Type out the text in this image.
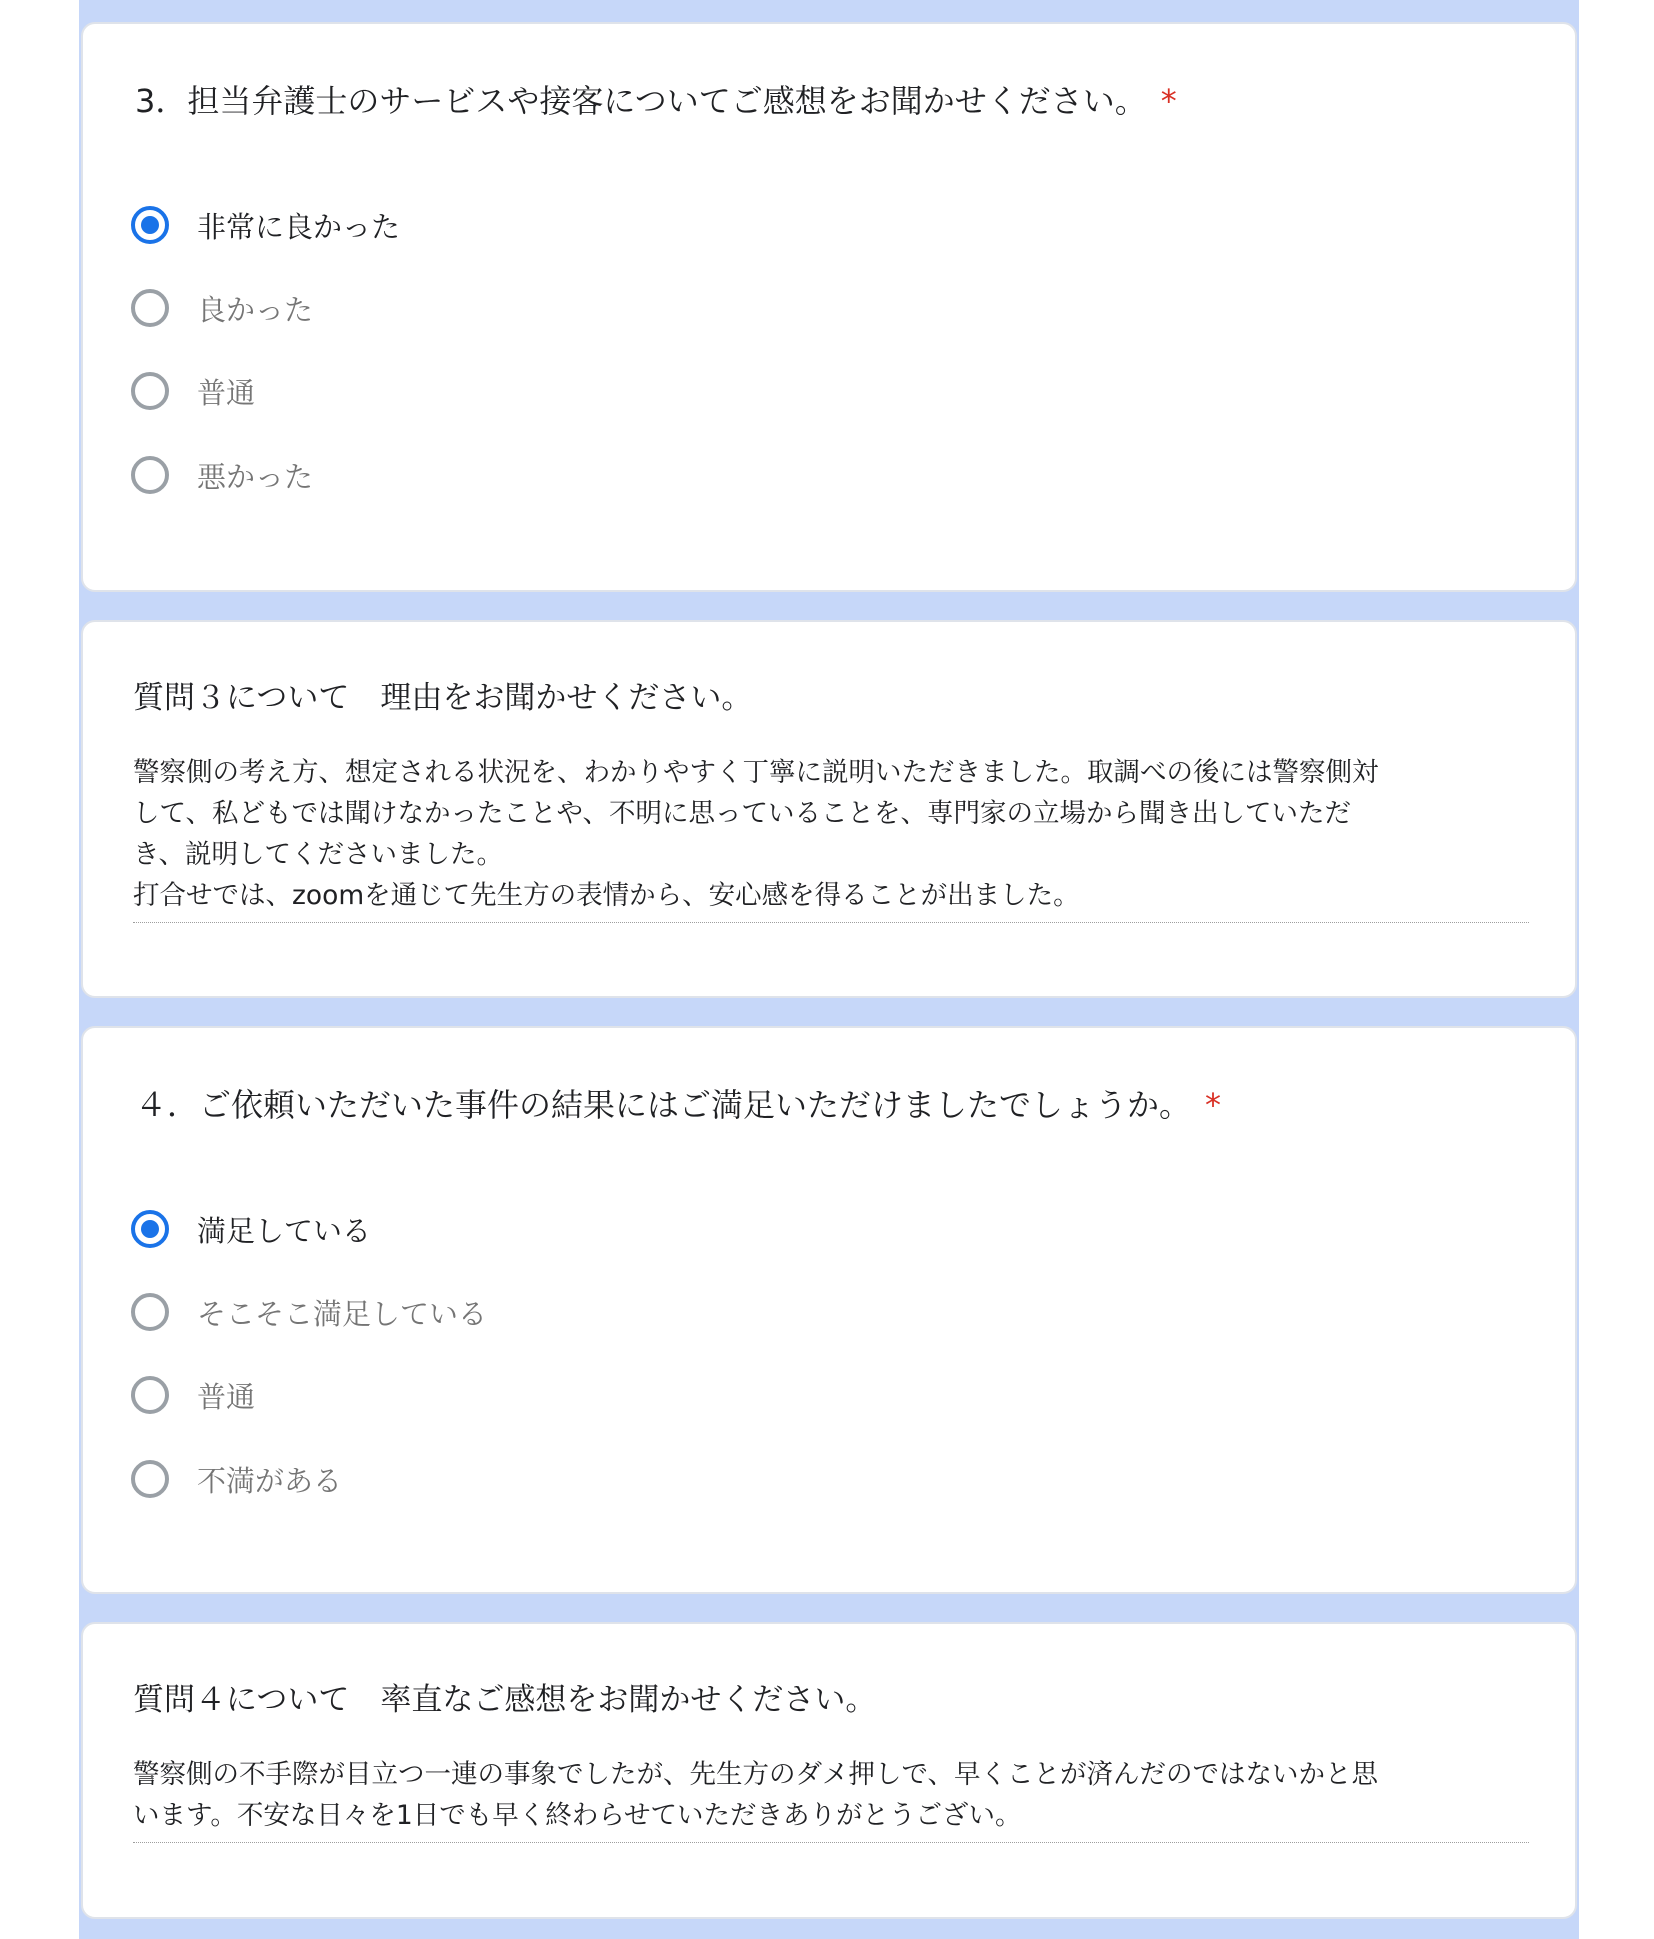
3．担当弁護士のサービスや接客についてご感想をお聞かせください。 *
非常に良かった
良かった
普通
悪かった
質問３について　理由をお聞かせください。
警察側の考え方、想定される状況を、わかりやすく丁寧に説明いただきました。取調べの後には警察側対
して、私どもでは聞けなかったことや、不明に思っていることを、専門家の立場から聞き出していただ
き、説明してくださいました。
打合せでは、zoomを通じて先生方の表情から、安心感を得ることが出ました。
４．ご依頼いただいた事件の結果にはご満足いただけましたでしょうか。 *
満足している
そこそこ満足している
普通
不満がある
質問４について　率直なご感想をお聞かせください。
警察側の不手際が目立つ一連の事象でしたが、先生方のダメ押しで、早くことが済んだのではないかと思
います。不安な日々を1日でも早く終わらせていただきありがとうござい。
